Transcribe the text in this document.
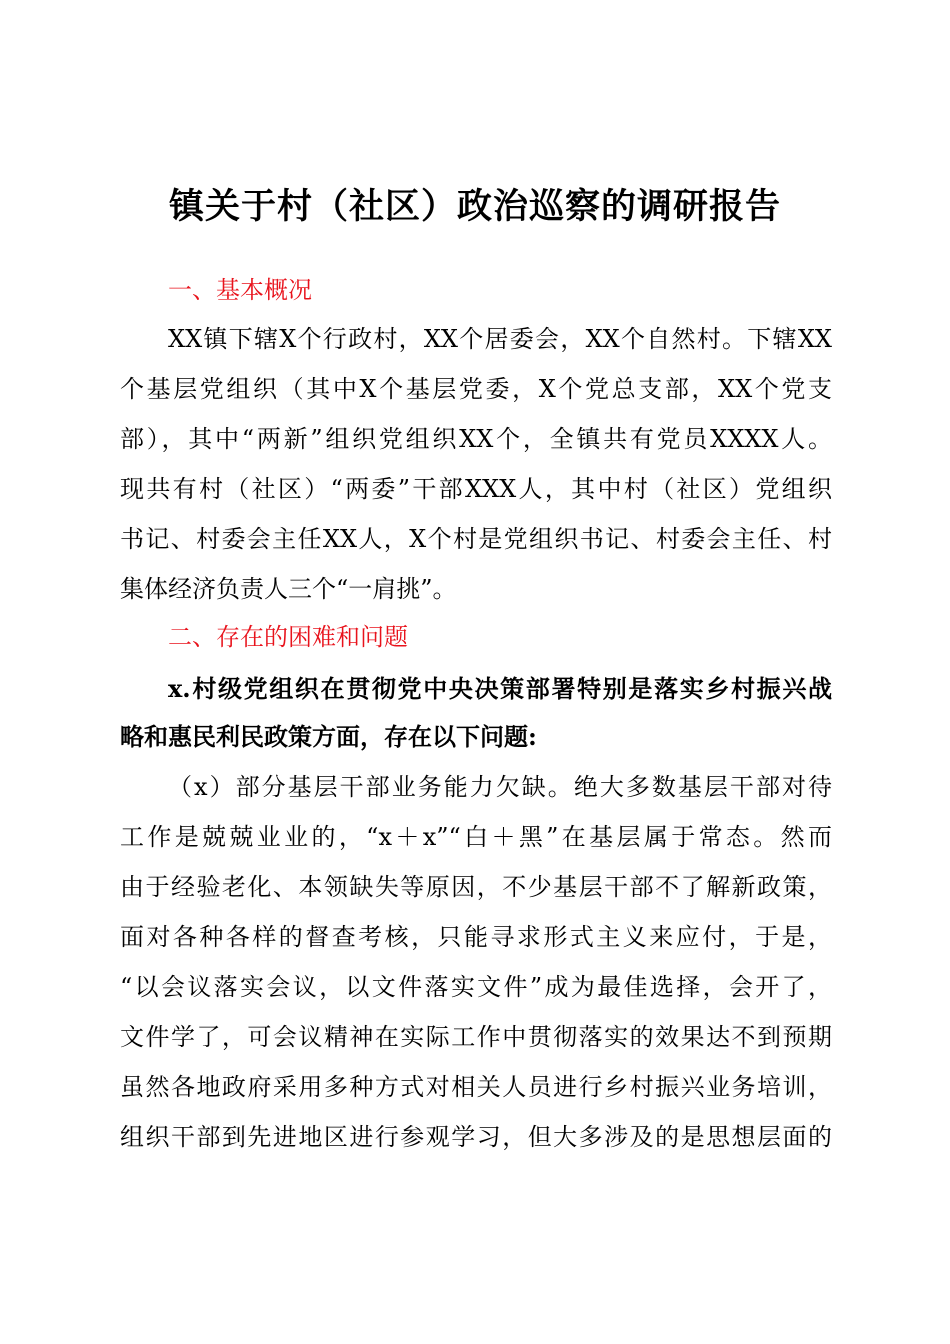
镇关于村（社区）政治巡察的调研报告

一、基本概况

XX镇下辖X个行政村，XX个居委会，XX个自然村。下辖XX

个基层党组织（其中X个基层党委，X个党总支部，XX个党支

部），其中“两新”组织党组织XX个，全镇共有党员XXXX人。

现共有村（社区）“两委”干部XXX人，其中村（社区）党组织

书记、村委会主任XX人，X个村是党组织书记、村委会主任、村

集体经济负责人三个“一肩挑”。

二、存在的困难和问题

x.村级党组织在贯彻党中央决策部署特别是落实乡村振兴战

略和惠民利民政策方面，存在以下问题:

（x）部分基层干部业务能力欠缺。绝大多数基层干部对待

工作是兢兢业业的，“x＋x”“白＋黑”在基层属于常态。然而

由于经验老化、本领缺失等原因，不少基层干部不了解新政策，

面对各种各样的督查考核，只能寻求形式主义来应付，于是，

“以会议落实会议，以文件落实文件”成为最佳选择，会开了，

文件学了，可会议精神在实际工作中贯彻落实的效果达不到预期

虽然各地政府采用多种方式对相关人员进行乡村振兴业务培训，

组织干部到先进地区进行参观学习，但大多涉及的是思想层面的
